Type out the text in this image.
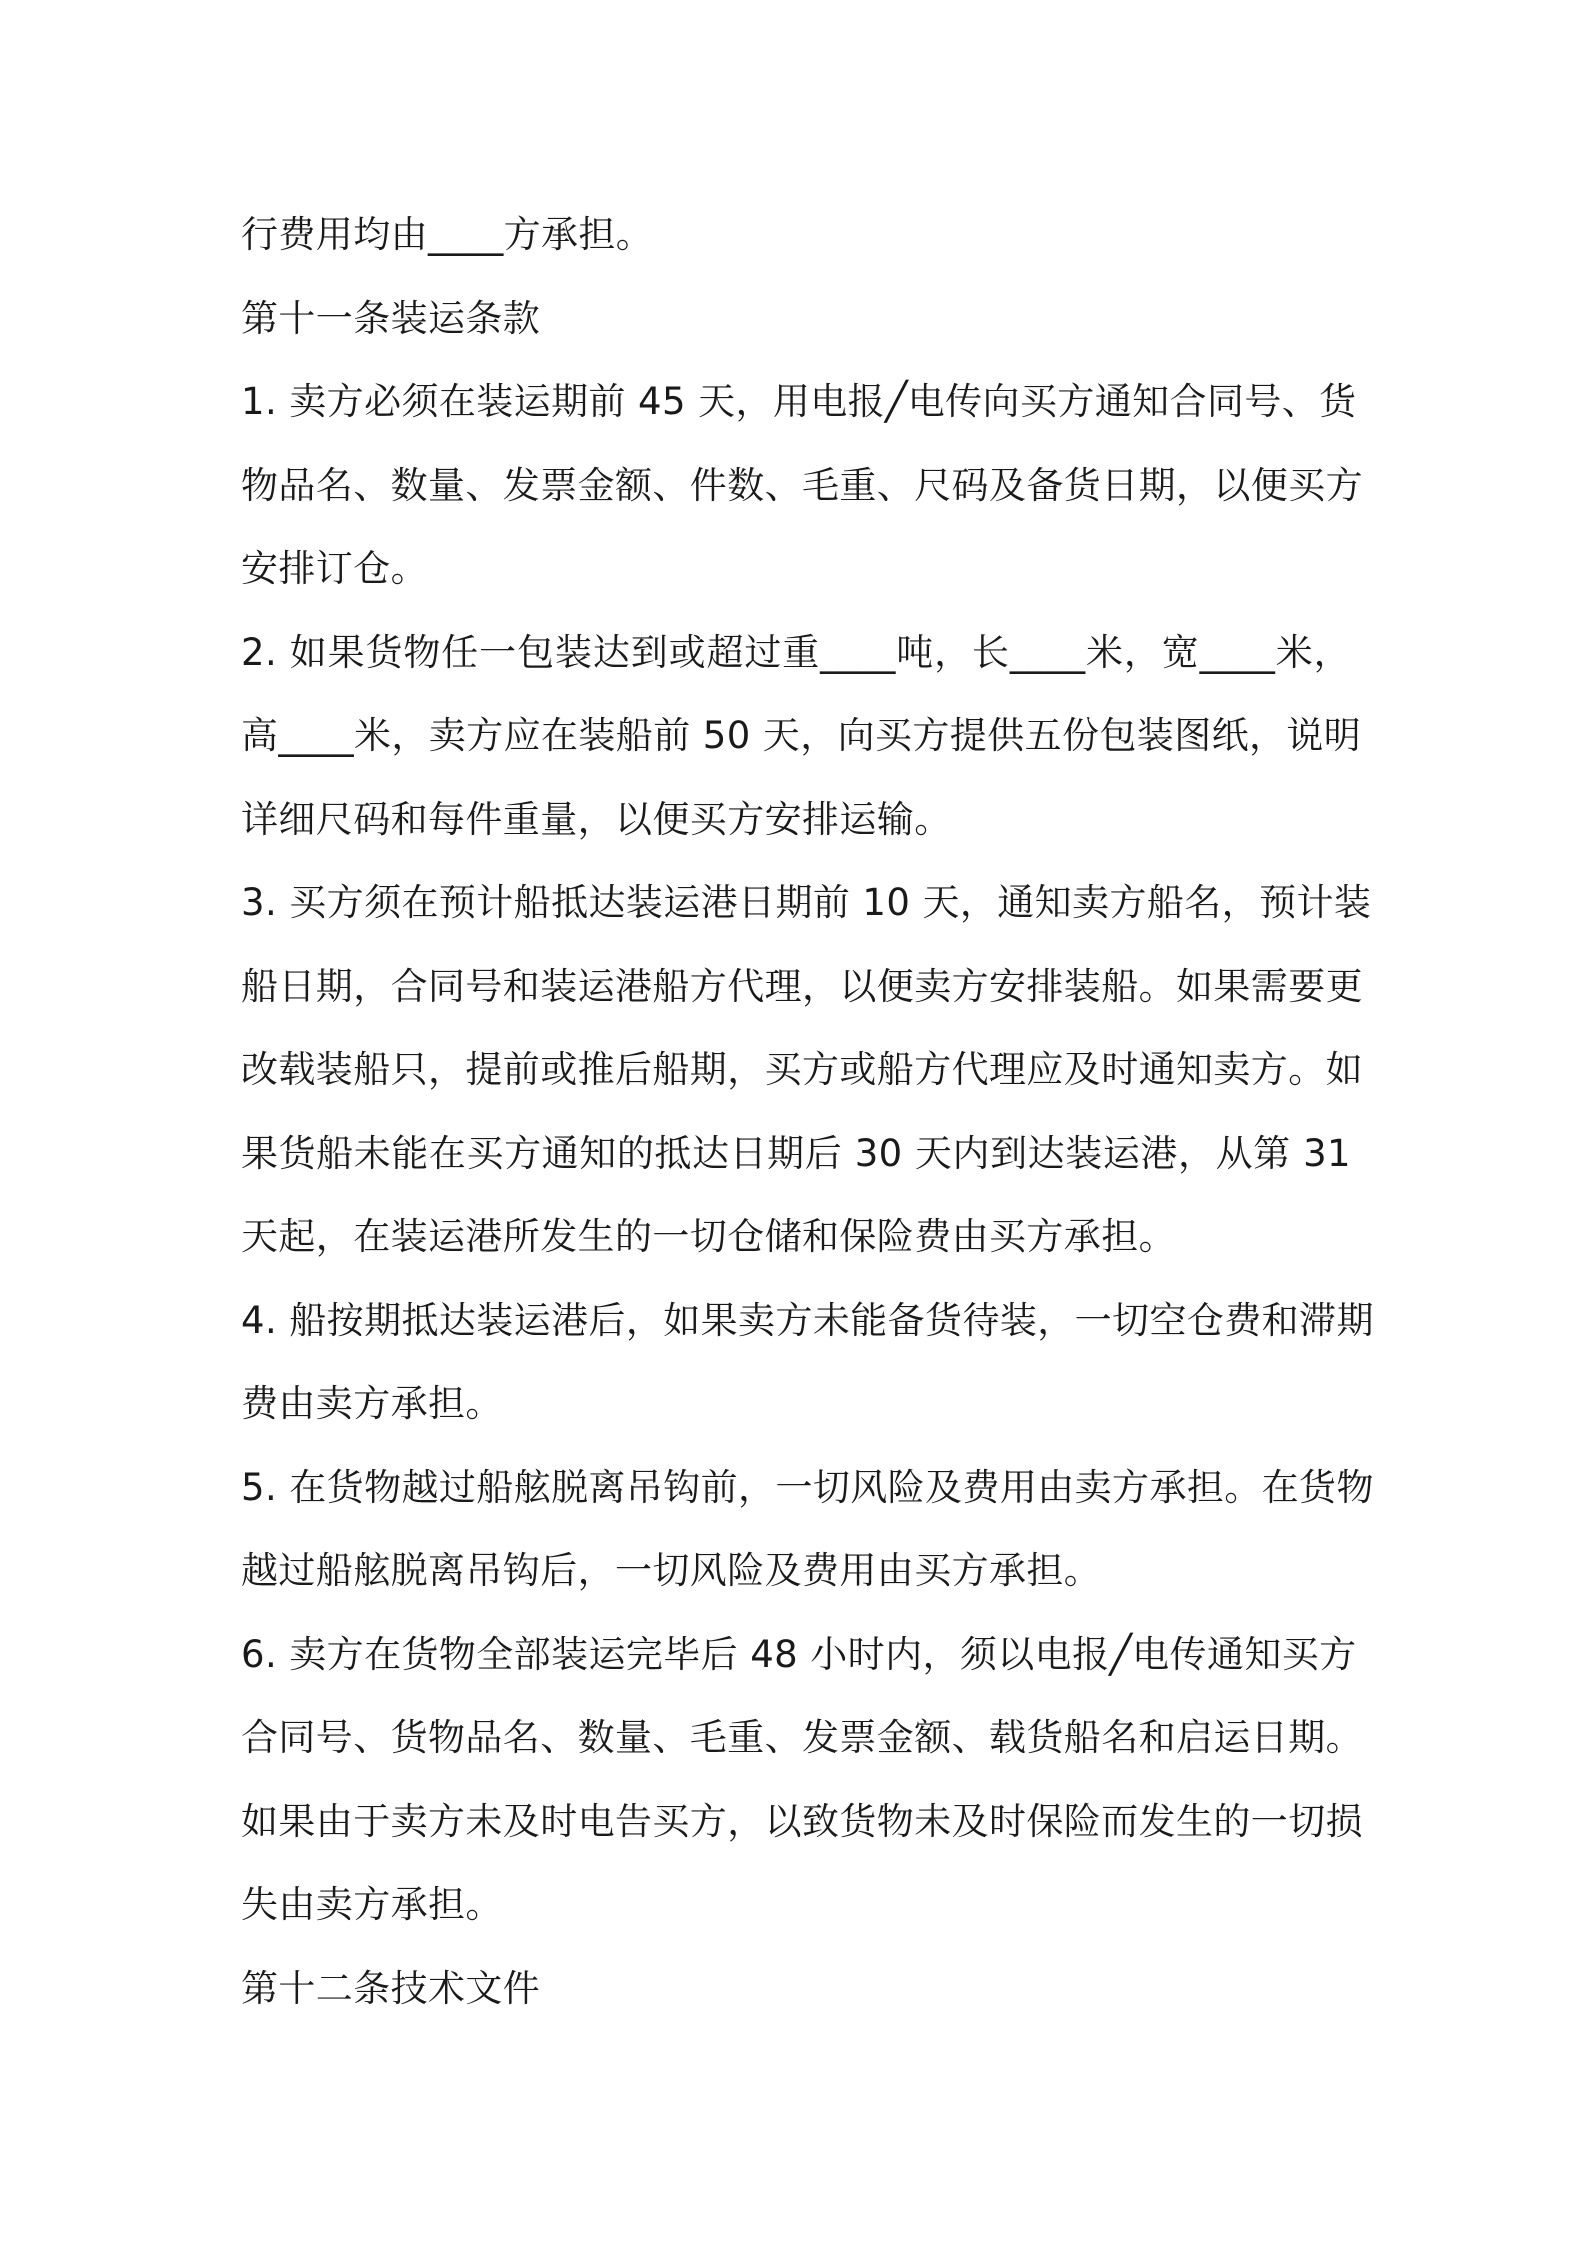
行费用均由____方承担。
第十一条装运条款
1. 卖方必须在装运期前 45 天，用电报╱电传向买方通知合同号、货
物品名、数量、发票金额、件数、毛重、尺码及备货日期，以便买方
安排订仓。
2. 如果货物任一包装达到或超过重____吨，长____米，宽____米，
高____米，卖方应在装船前 50 天，向买方提供五份包装图纸，说明
详细尺码和每件重量，以便买方安排运输。
3. 买方须在预计船抵达装运港日期前 10 天，通知卖方船名，预计装
船日期，合同号和装运港船方代理，以便卖方安排装船。如果需要更
改载装船只，提前或推后船期，买方或船方代理应及时通知卖方。如
果货船未能在买方通知的抵达日期后 30 天内到达装运港，从第 31
天起，在装运港所发生的一切仓储和保险费由买方承担。
4. 船按期抵达装运港后，如果卖方未能备货待装，一切空仓费和滞期
费由卖方承担。
5. 在货物越过船舷脱离吊钩前，一切风险及费用由卖方承担。在货物
越过船舷脱离吊钩后，一切风险及费用由买方承担。
6. 卖方在货物全部装运完毕后 48 小时内，须以电报╱电传通知买方
合同号、货物品名、数量、毛重、发票金额、载货船名和启运日期。
如果由于卖方未及时电告买方，以致货物未及时保险而发生的一切损
失由卖方承担。
第十二条技术文件
